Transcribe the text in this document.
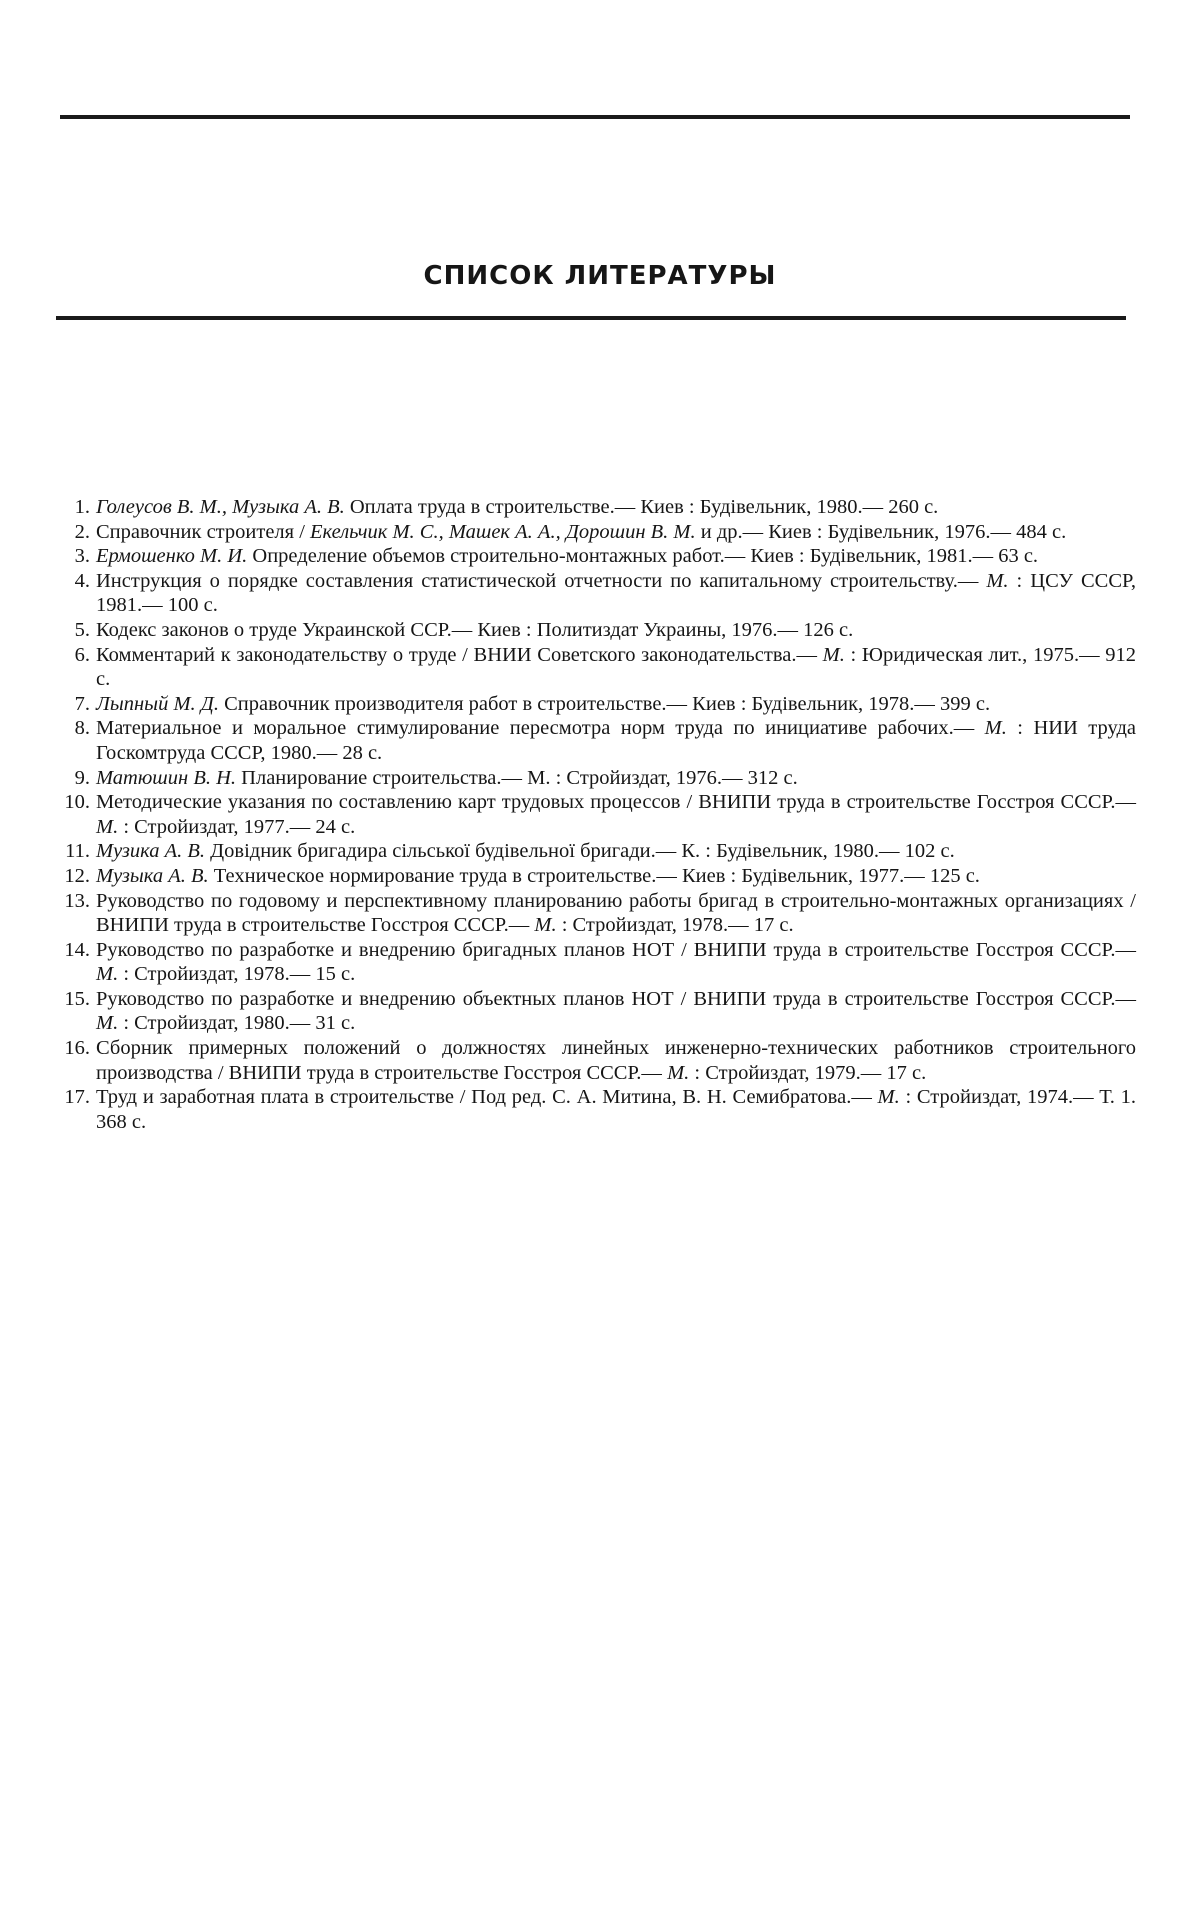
СПИСОК ЛИТЕРАТУРЫ
1. Голеусов В. М., Музыка А. В. Оплата труда в строительстве.— Киев : Будівельник, 1980.— 260 с.
2. Справочник строителя / Екельчик М. С., Машек А. А., Дорошин В. М. и др.— Киев : Будівельник, 1976.— 484 с.
3. Ермошенко М. И. Определение объемов строительно-монтажных работ.— Киев : Будівельник, 1981.— 63 с.
4. Инструкция о порядке составления статистической отчетности по капитальному строительству.— М. : ЦСУ СССР, 1981.— 100 с.
5. Кодекс законов о труде Украинской ССР.— Киев : Политиздат Украины, 1976.— 126 с.
6. Комментарий к законодательству о труде / ВНИИ Советского законодательства.— М. : Юридическая лит., 1975.— 912 с.
7. Лыпный М. Д. Справочник производителя работ в строительстве.— Киев : Будівельник, 1978.— 399 с.
8. Материальное и моральное стимулирование пересмотра норм труда по инициативе рабочих.— М. : НИИ труда Госкомтруда СССР, 1980.— 28 с.
9. Матюшин В. Н. Планирование строительства.— М. : Стройиздат, 1976.— 312 с.
10. Методические указания по составлению карт трудовых процессов / ВНИПИ труда в строительстве Госстроя СССР.— М. : Стройиздат, 1977.— 24 с.
11. Музика А. В. Довідник бригадира сільської будівельної бригади.— К. : Будівельник, 1980.— 102 с.
12. Музыка А. В. Техническое нормирование труда в строительстве.— Киев : Будівельник, 1977.— 125 с.
13. Руководство по годовому и перспективному планированию работы бригад в строительно-монтажных организациях / ВНИПИ труда в строительстве Госстроя СССР.— М. : Стройиздат, 1978.— 17 с.
14. Руководство по разработке и внедрению бригадных планов НОТ / ВНИПИ труда в строительстве Госстроя СССР.— М. : Стройиздат, 1978.— 15 с.
15. Руководство по разработке и внедрению объектных планов НОТ / ВНИПИ труда в строительстве Госстроя СССР.— М. : Стройиздат, 1980.— 31 с.
16. Сборник примерных положений о должностях линейных инженерно-технических работников строительного производства / ВНИПИ труда в строительстве Госстроя СССР.— М. : Стройиздат, 1979.— 17 с.
17. Труд и заработная плата в строительстве / Под ред. С. А. Митина, В. Н. Семибратова.— М. : Стройиздат, 1974.— Т. 1. 368 с.
